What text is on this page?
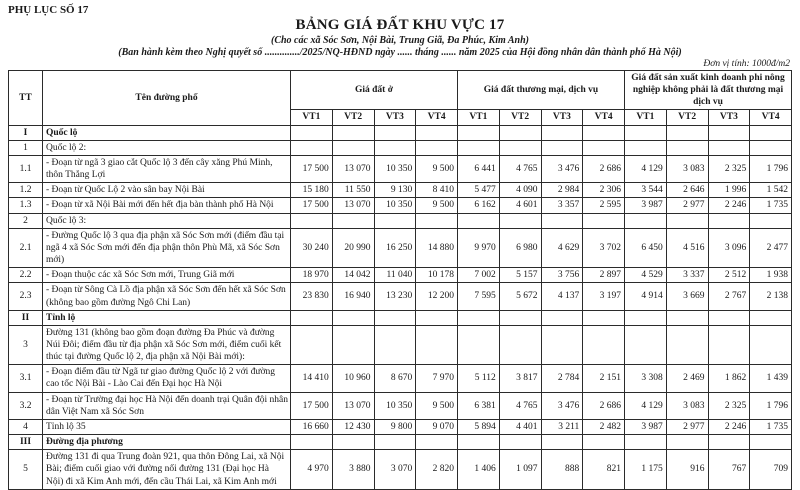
PHỤ LỤC SỐ 17
BẢNG GIÁ ĐẤT KHU VỰC 17
(Cho các xã Sóc Sơn, Nội Bài, Trung Giã, Đa Phúc, Kim Anh)
(Ban hành kèm theo Nghị quyết số ............../2025/NQ-HĐND ngày ...... tháng ...... năm 2025 của Hội đồng nhân dân thành phố Hà Nội)
Đơn vị tính: 1000đ/m2
TT	Tên đường phố	Giá đất ở				Giá đất thương mại, dịch vụ				Giá đất sản xuất kinh doanh phi nông nghiệp không phải là đất thương mại dịch vụ			
		VT1	VT2	VT3	VT4	VT1	VT2	VT3	VT4	VT1	VT2	VT3	VT4
I	Quốc lộ												
1	Quốc lộ 2:												
1.1	- Đoạn từ ngã 3 giao cắt Quốc lộ 3 đến cây xăng Phú Minh, thôn Thắng Lợi	17 500	13 070	10 350	9 500	6 441	4 765	3 476	2 686	4 129	3 083	2 325	1 796
1.2	- Đoạn từ Quốc Lộ 2 vào sân bay Nội Bài	15 180	11 550	9 130	8 410	5 477	4 090	2 984	2 306	3 544	2 646	1 996	1 542
1.3	- Đoạn từ xã Nội Bài mới đến hết địa bàn thành phố Hà Nội	17 500	13 070	10 350	9 500	6 162	4 601	3 357	2 595	3 987	2 977	2 246	1 735
2	Quốc lộ 3:												
2.1	- Đường Quốc lộ 3 qua địa phận xã Sóc Sơn mới (điểm đầu tại ngã 4 xã Sóc Sơn mới đến địa phận thôn Phù Mã, xã Sóc Sơn mới)	30 240	20 990	16 250	14 880	9 970	6 980	4 629	3 702	6 450	4 516	3 096	2 477
2.2	- Đoạn thuộc các xã Sóc Sơn mới, Trung Giã mới	18 970	14 042	11 040	10 178	7 002	5 157	3 756	2 897	4 529	3 337	2 512	1 938
2.3	- Đoạn từ Sông Cà Lồ địa phận xã Sóc Sơn đến hết xã Sóc Sơn (không bao gồm đường Ngô Chi Lan)	23 830	16 940	13 230	12 200	7 595	5 672	4 137	3 197	4 914	3 669	2 767	2 138
II	Tỉnh lộ												
3	Đường 131 (không bao gồm đoạn đường Đa Phúc và đường Núi Đôi; điểm đầu từ địa phận xã Sóc Sơn mới, điểm cuối kết thúc tại đường Quốc lộ 2, địa phận xã Nội Bài mới):												
3.1	- Đoạn điểm đầu từ Ngã tư giao đường Quốc lộ 2 với đường cao tốc Nội Bài - Lào Cai đến Đại học Hà Nội	14 410	10 960	8 670	7 970	5 112	3 817	2 784	2 151	3 308	2 469	1 862	1 439
3.2	- Đoạn từ Trường đại học Hà Nội đến doanh trại Quân đội nhân dân Việt Nam xã Sóc Sơn	17 500	13 070	10 350	9 500	6 381	4 765	3 476	2 686	4 129	3 083	2 325	1 796
4	Tỉnh lộ 35	16 660	12 430	9 800	9 070	5 894	4 401	3 211	2 482	3 987	2 977	2 246	1 735
III	Đường địa phương												
5	Đường 131 đi qua Trung đoàn 921, qua thôn Đông Lai, xã Nội Bài; điểm cuối giao với đường nối đường 131 (Đại học Hà Nội) đi xã Kim Anh mới, đến cầu Thái Lai, xã Kim Anh mới	4 970	3 880	3 070	2 820	1 406	1 097	888	821	1 175	916	767	709
